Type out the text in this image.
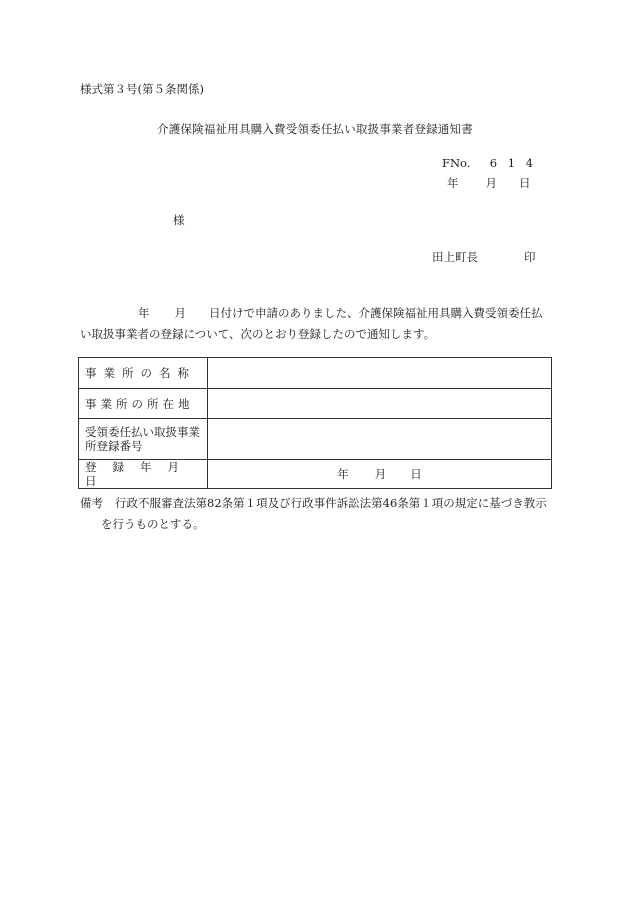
様式第３号(第５条関係)
介護保険福祉用具購入費受領委任払い取扱事業者登録通知書
FNo. 6 1 4
年 月 日
様
田上町長	印
年 月 日付けで申請のありました、介護保険福祉用具購入費受領委任払
い取扱事業者の登録について、次のとおり登録したので通知します。
事業所の名称	
事業所の所在地	
受領委任払い取扱事業所登録番号	
登録年月日	年 月 日
備考 行政不服審査法第82条第１項及び行政事件訴訟法第46条第１項の規定に基づき教示
を行うものとする。
